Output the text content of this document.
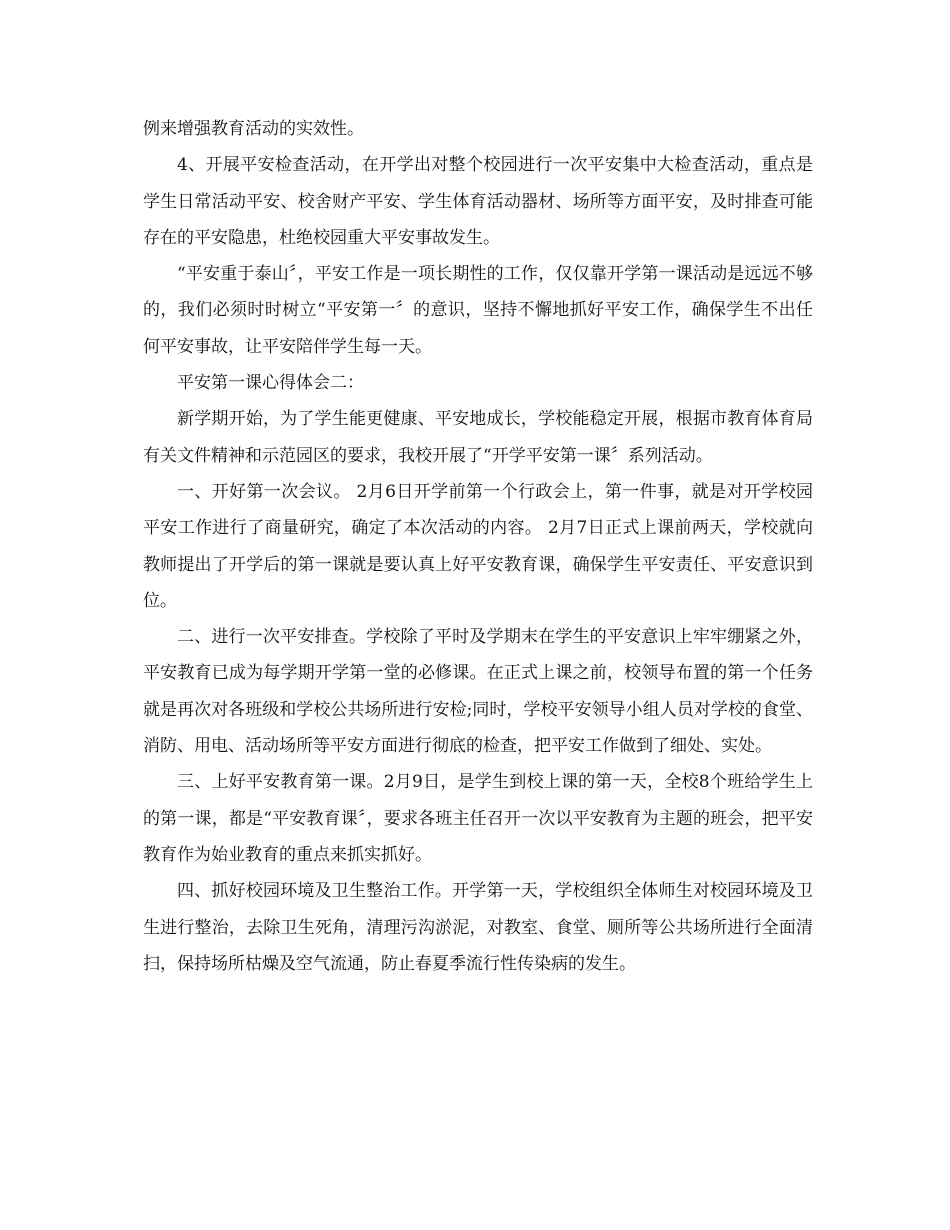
例来增强教育活动的实效性。

4、开展平安检查活动，在开学出对整个校园进行一次平安集中大检查活动，重点是学生日常活动平安、校舍财产平安、学生体育活动器材、场所等方面平安，及时排查可能存在的平安隐患，杜绝校园重大平安事故发生。

“平安重于泰山〞，平安工作是一项长期性的工作，仅仅靠开学第一课活动是远远不够的，我们必须时时树立“平安第一〞的意识，坚持不懈地抓好平安工作，确保学生不出任何平安事故，让平安陪伴学生每一天。

平安第一课心得体会二：

新学期开始，为了学生能更健康、平安地成长，学校能稳定开展，根据市教育体育局有关文件精神和示范园区的要求，我校开展了“开学平安第一课〞系列活动。

一、开好第一次会议。 2月6日开学前第一个行政会上，第一件事，就是对开学校园平安工作进行了商量研究，确定了本次活动的内容。 2月7日正式上课前两天，学校就向教师提出了开学后的第一课就是要认真上好平安教育课，确保学生平安责任、平安意识到位。

二、进行一次平安排查。学校除了平时及学期末在学生的平安意识上牢牢绷紧之外，平安教育已成为每学期开学第一堂的必修课。在正式上课之前，校领导布置的第一个任务就是再次对各班级和学校公共场所进行安检;同时，学校平安领导小组人员对学校的食堂、消防、用电、活动场所等平安方面进行彻底的检查，把平安工作做到了细处、实处。

三、上好平安教育第一课。2月9日，是学生到校上课的第一天，全校8个班给学生上的第一课，都是“平安教育课〞，要求各班主任召开一次以平安教育为主题的班会，把平安教育作为始业教育的重点来抓实抓好。

四、抓好校园环境及卫生整治工作。开学第一天，学校组织全体师生对校园环境及卫生进行整治，去除卫生死角，清理污沟淤泥，对教室、食堂、厕所等公共场所进行全面清扫，保持场所枯燥及空气流通，防止春夏季流行性传染病的发生。
